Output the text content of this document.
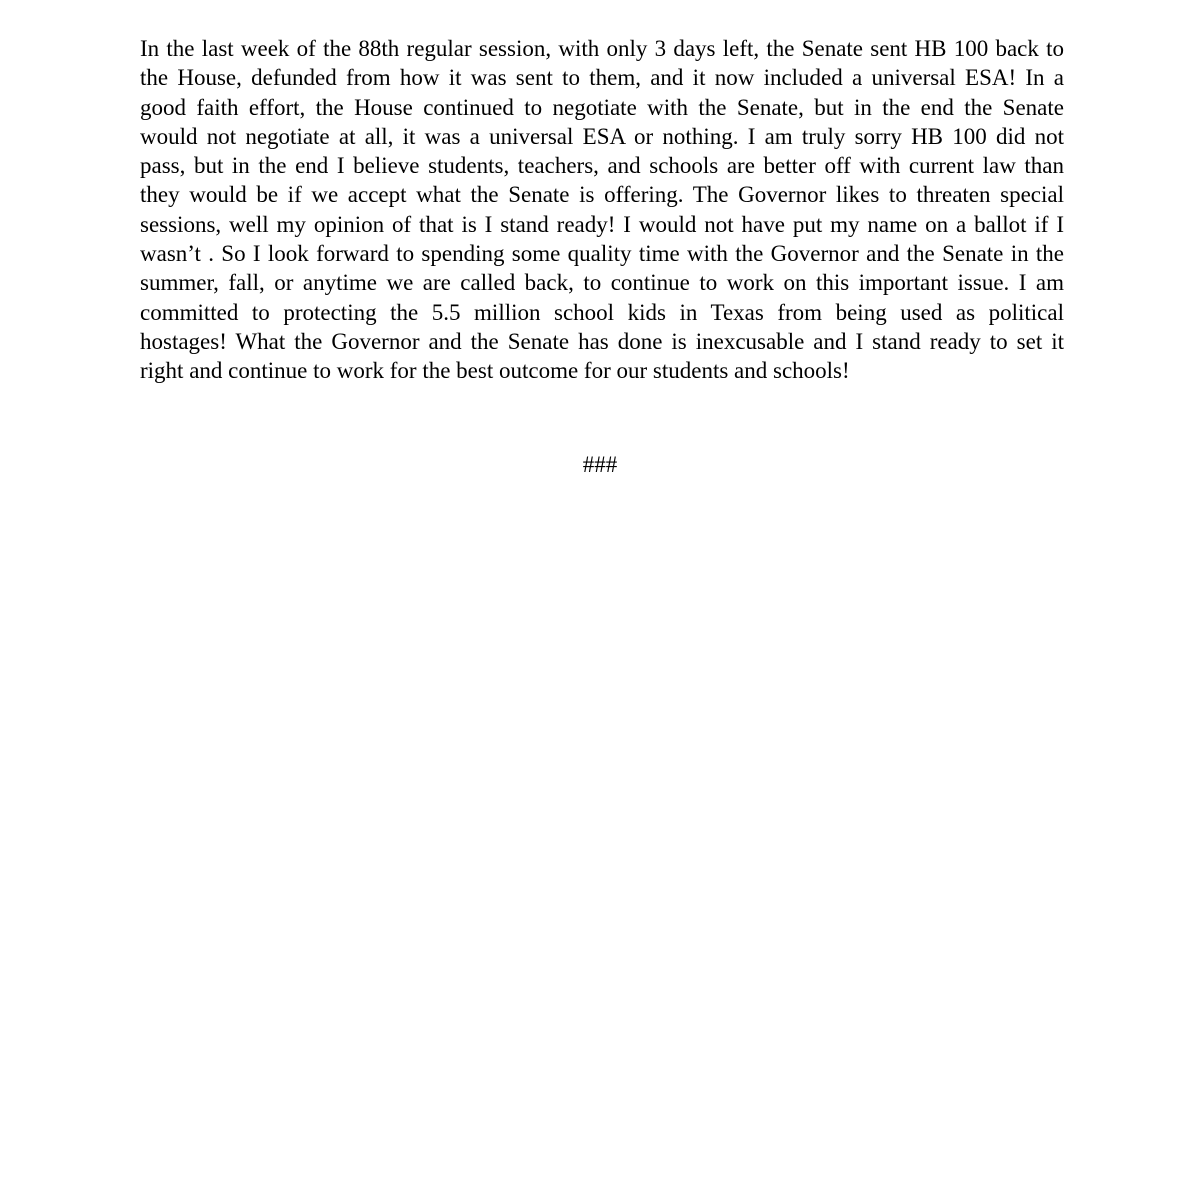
In the last week of the 88th regular session, with only 3 days left, the Senate sent HB 100 back to
the House, defunded from how it was sent to them, and it now included a universal ESA! In a
good faith effort, the House continued to negotiate with the Senate, but in the end the Senate
would not negotiate at all, it was a universal ESA or nothing. I am truly sorry HB 100 did not
pass, but in the end I believe students, teachers, and schools are better off with current law than
they would be if we accept what the Senate is offering. The Governor likes to threaten special
sessions, well my opinion of that is I stand ready! I would not have put my name on a ballot if I
wasn’t . So I look forward to spending some quality time with the Governor and the Senate in the
summer, fall, or anytime we are called back, to continue to work on this important issue. I am
committed to protecting the 5.5 million school kids in Texas from being used as political
hostages! What the Governor and the Senate has done is inexcusable and I stand ready to set it
right and continue to work for the best outcome for our students and schools!

###
